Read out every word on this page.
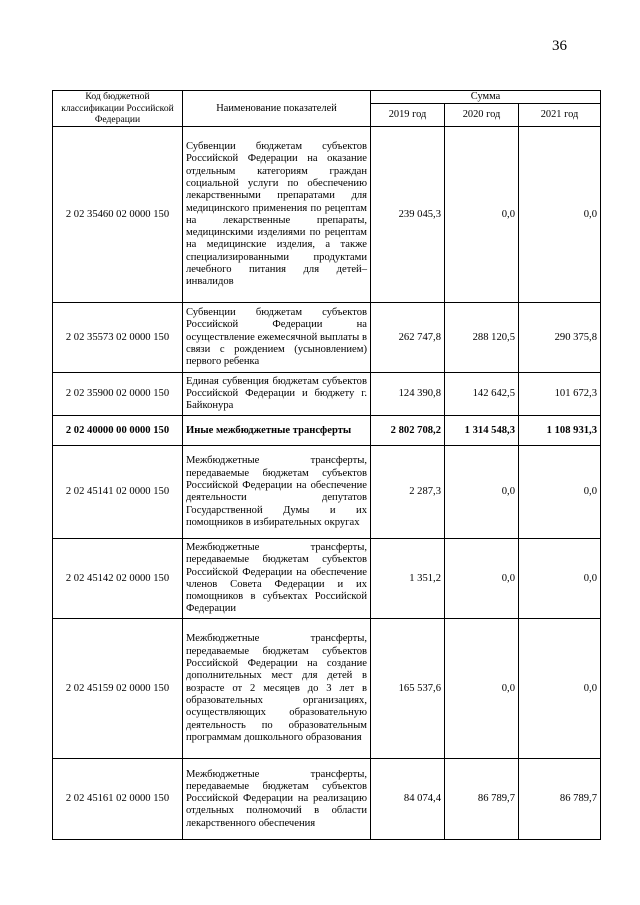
36
Код бюджетной классификации Российской Федерации	Наименование показателей	Сумма		
		2019 год	2020 год	2021 год
2 02 35460 02 0000 150	Субвенции бюджетам субъектов Российской Федерации на оказание отдельным категориям граждан социальной услуги по обеспечению лекарственными препаратами для медицинского применения по рецептам на лекарственные препараты, медицинскими изделиями по рецептам на медицинские изделия, а также специализированными продуктами лечебного питания для детей–инвалидов	239 045,3	0,0	0,0
2 02 35573 02 0000 150	Субвенции бюджетам субъектов Российской Федерации на осуществление ежемесячной выплаты в связи с рождением (усыновлением) первого ребенка	262 747,8	288 120,5	290 375,8
2 02 35900 02 0000 150	Единая субвенция бюджетам субъектов Российской Федерации и бюджету г. Байконура	124 390,8	142 642,5	101 672,3
2 02 40000 00 0000 150	Иные межбюджетные трансферты	2 802 708,2	1 314 548,3	1 108 931,3
2 02 45141 02 0000 150	Межбюджетные трансферты, передаваемые бюджетам субъектов Российской Федерации на обеспечение деятельности депутатов Государственной Думы и их помощников в избирательных округах	2 287,3	0,0	0,0
2 02 45142 02 0000 150	Межбюджетные трансферты, передаваемые бюджетам субъектов Российской Федерации на обеспечение членов Совета Федерации и их помощников в субъектах Российской Федерации	1 351,2	0,0	0,0
2 02 45159 02 0000 150	Межбюджетные трансферты, передаваемые бюджетам субъектов Российской Федерации на создание дополнительных мест для детей в возрасте от 2 месяцев до 3 лет в образовательных организациях, осуществляющих образовательную деятельность по образовательным программам дошкольного образования	165 537,6	0,0	0,0
2 02 45161 02 0000 150	Межбюджетные трансферты, передаваемые бюджетам субъектов Российской Федерации на реализацию отдельных полномочий в области лекарственного обеспечения	84 074,4	86 789,7	86 789,7
